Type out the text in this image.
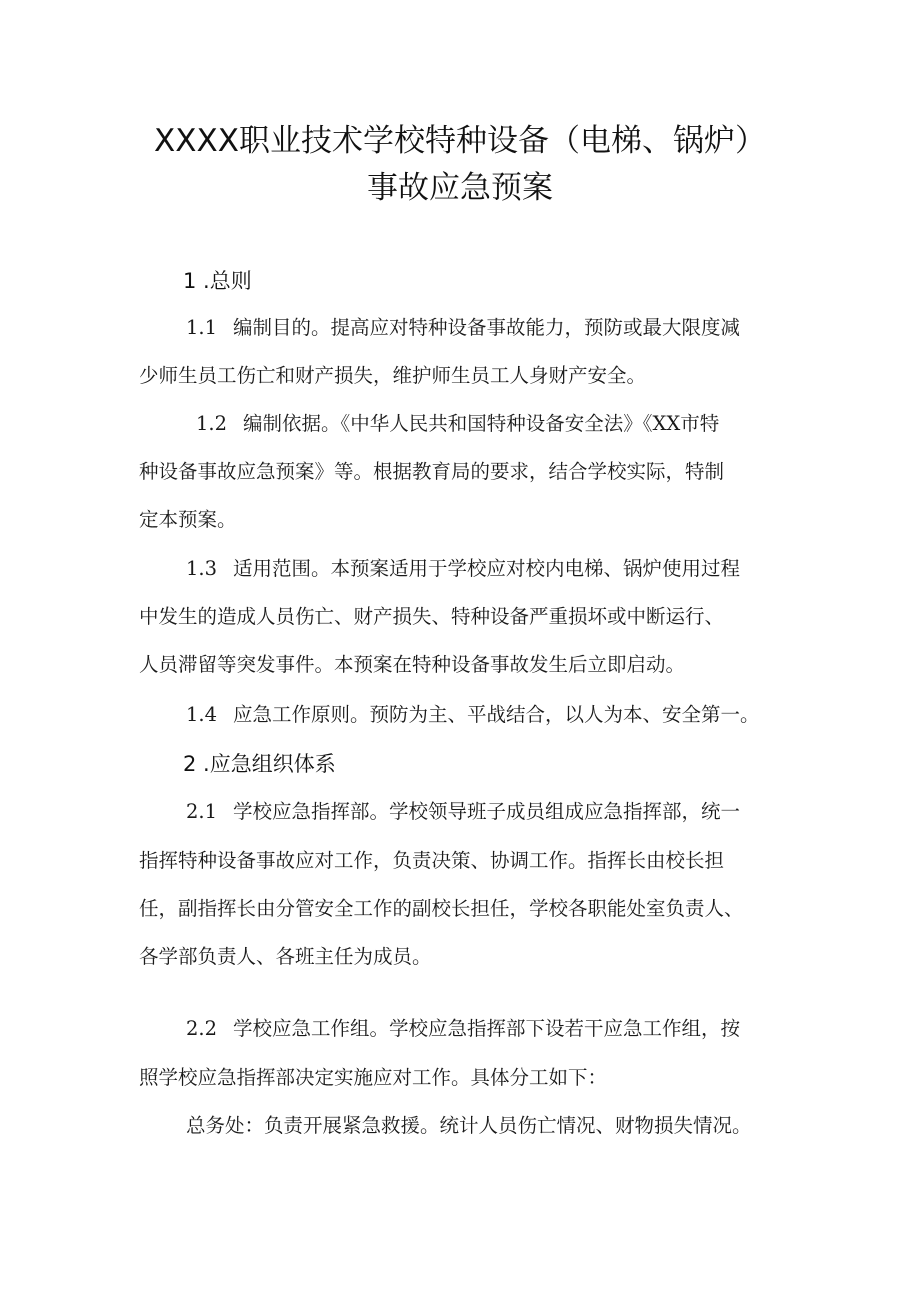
XXXX职业技术学校特种设备（电梯、锅炉）
事故应急预案
1 .总则
1.1 编制目的。提高应对特种设备事故能力，预防或最大限度减
少师生员工伤亡和财产损失，维护师生员工人身财产安全。
1.2 编制依据。《中华人民共和国特种设备安全法》《XX市特
种设备事故应急预案》等。根据教育局的要求，结合学校实际，特制
定本预案。
1.3 适用范围。本预案适用于学校应对校内电梯、锅炉使用过程
中发生的造成人员伤亡、财产损失、特种设备严重损坏或中断运行、
人员滞留等突发事件。本预案在特种设备事故发生后立即启动。
1.4 应急工作原则。预防为主、平战结合，以人为本、安全第一。
2 .应急组织体系
2.1 学校应急指挥部。学校领导班子成员组成应急指挥部，统一
指挥特种设备事故应对工作，负责决策、协调工作。指挥长由校长担
任，副指挥长由分管安全工作的副校长担任，学校各职能处室负责人、
各学部负责人、各班主任为成员。
2.2 学校应急工作组。学校应急指挥部下设若干应急工作组，按
照学校应急指挥部决定实施应对工作。具体分工如下：
总务处：负责开展紧急救援。统计人员伤亡情况、财物损失情况。
